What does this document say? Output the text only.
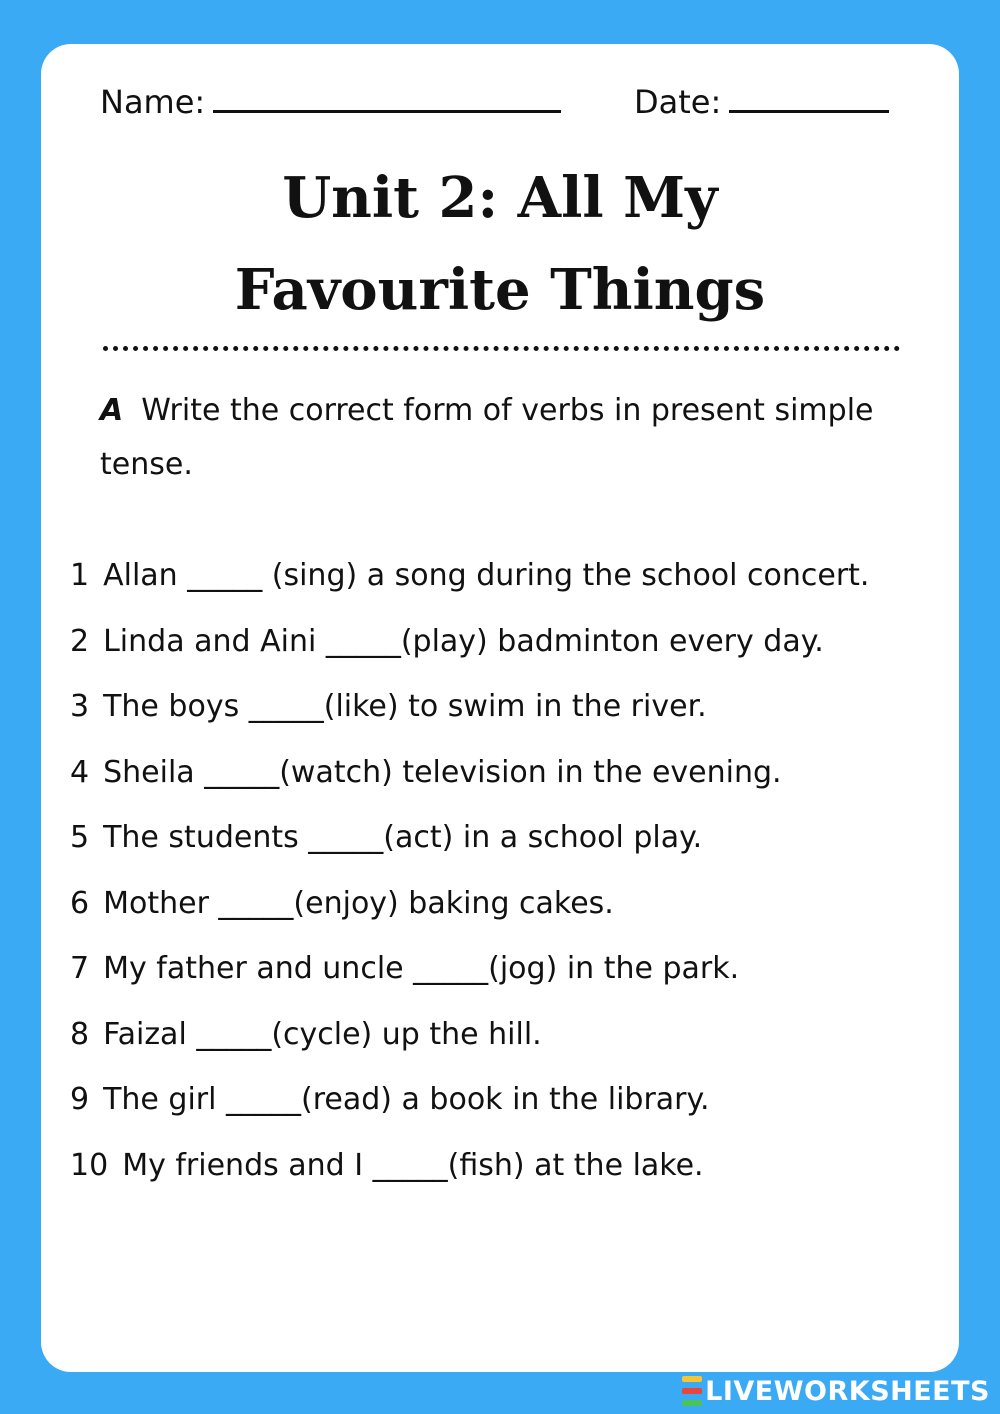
Name:	Date:
Unit 2: All My
Favourite Things
A Write the correct form of verbs in present simple tense.

1 Allan _____ (sing) a song during the school concert.

2 Linda and Aini _____(play) badminton every day.

3 The boys _____(like) to swim in the river.

4 Sheila _____(watch) television in the evening.

5 The students _____(act) in a school play.

6 Mother _____(enjoy) baking cakes.

7 My father and uncle _____(jog) in the park.

8 Faizal _____(cycle) up the hill.

9 The girl _____(read) a book in the library.

10 My friends and I _____(fish) at the lake.

LIVEWORKSHEETS
